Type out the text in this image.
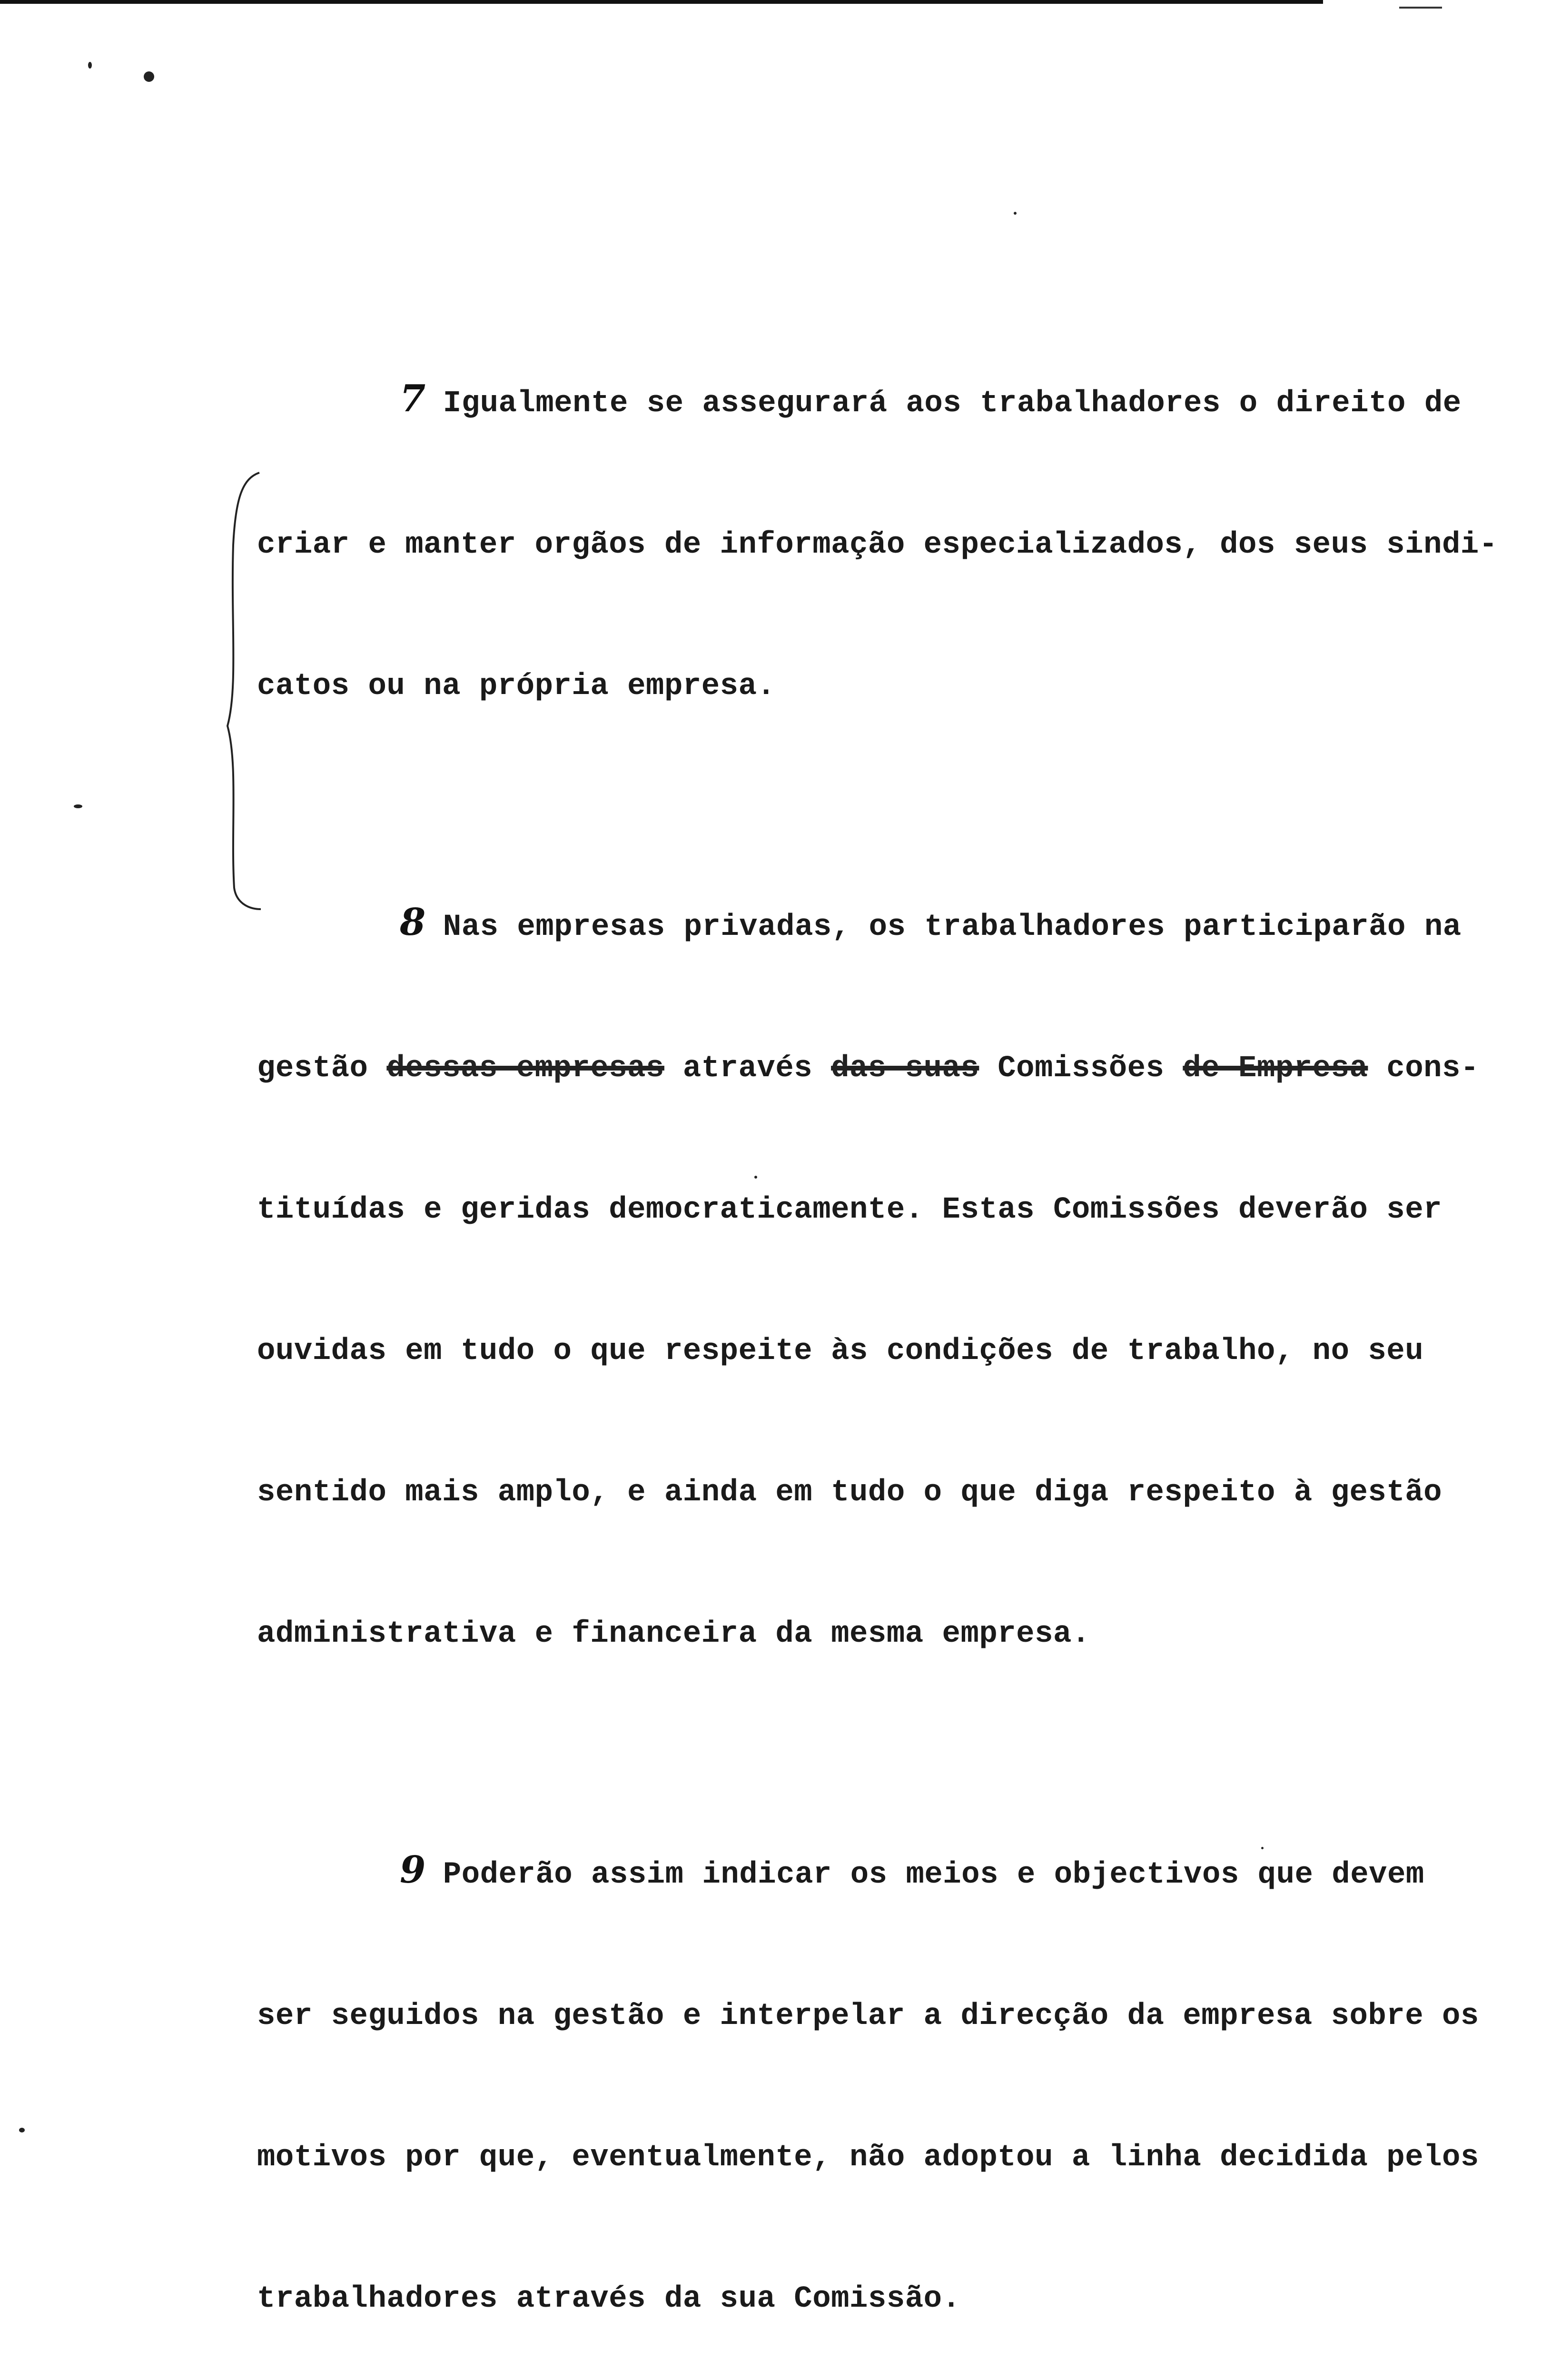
7 Igualmente se assegurará aos trabalhadores o direito de

criar e manter orgãos de informação especializados, dos seus sindi-

catos ou na própria empresa.

8 Nas empresas privadas, os trabalhadores participarão na

gestão dessas empresas através das suas Comissões de Empresa cons-

tituídas e geridas democraticamente. Estas Comissões deverão ser

ouvidas em tudo o que respeite às condições de trabalho, no seu

sentido mais amplo, e ainda em tudo o que diga respeito à gestão

administrativa e financeira da mesma empresa.

9 Poderão assim indicar os meios e objectivos que devem

ser seguidos na gestão e interpelar a direcção da empresa sobre os

motivos por que, eventualmente, não adoptou a linha decidida pelos

trabalhadores através da sua Comissão.
